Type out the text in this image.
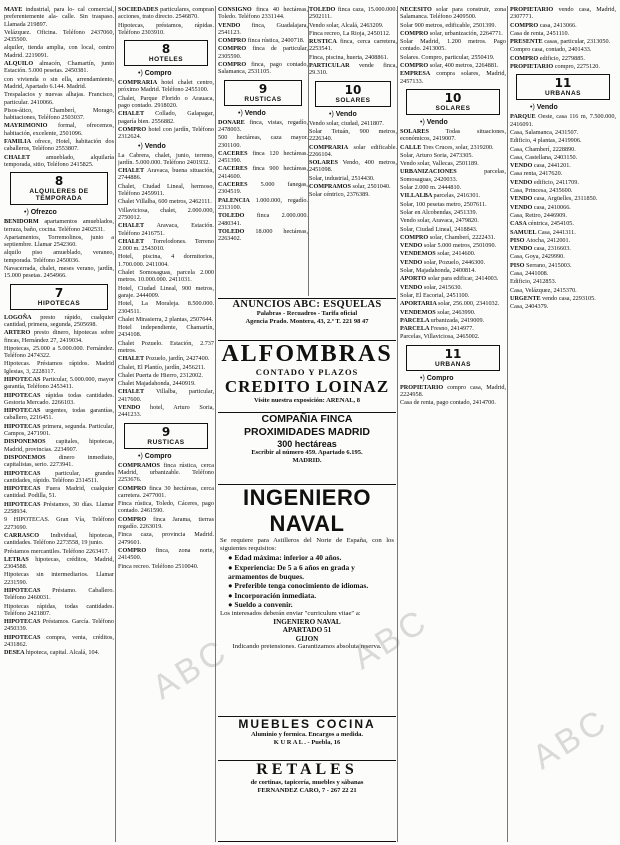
MAYE industrial, para lo- cal comercial, preferentemente ala- calle. Sin traspaso. Llamada 219897.

Velázquez. Oficina. Teléfono 2437060, 2435500.

alquiler, tienda amplia, con local, centro Madrid. 2219091.

ALQUILO almacén, Chamartín, junto Estación. 5.000 pesetas. 2450381.

con vivienda o sin ella, arrendamiento, Madrid, Apartado 6.144. Madrid.

Trespalacios y nuevas alhajas. Francisco, particular. 2410066.

Pisos-ático, Chamberí, Morago, habitaciones, Teléfono 2503037.

MAYRIMONIO formal, ofrecemos, habitación, excelente, 2501096.

FAMILIA ofrece, Hotel, habitación dos caballeros, Teléfono 2553807.

CHALET amueblado, alquilaría temporada, sitio, Teléfono 2415825.

8
ALQUILERES DE TEMPORADA
•) Ofrezco

BENIDORM apartamentos amueblados, terraza, baño, cocina. Teléfono 2402531.

Apartamentos, Torremolinos, junio a septiembre. Llamar 2542360.

alquilo piso amueblado, veraneo, temporada. Teléfono 2450036.

Navacerrada, chalet, meses verano, jardín, 15.000 pesetas. 2454966.

7
HIPOTECAS

LOGOÑA presto rápido, cualquier cantidad, primera, segunda, 2505698.

ARTERO presto dinero, hipotecas sobre fincas, Hernández 27, 2419034.

Hipotecas, 25.000 a 5.000.000. Fernández. Teléfono 2474322.

Hipotecas. Préstamos rápidos. Madrid Iglesias, 3, 2228117.

HIPOTECAS Particular, 5.000.000, mayor garantía, Teléfono 2453411.

HIPOTECAS rápidas todas cantidades. Gestoria Mercado. 2266103.

HIPOTECAS urgentes, todas garantías, caballero, 2216451.

HIPOTECAS primera, segunda. Particular, Campos, 2471901.

DISPONEMOS capitales, hipotecas, Madrid, provincias. 2234907.

DISPONEMOS dinero inmediato, capitalistas, serio. 2273941.

HIPOTECAS particular, grandes cantidades, rápido. Teléfono 2314511.

HIPOTECAS Fuera Madrid, cualquier cantidad. Podilla, 51.

HIPOTECAS Préstamos, 30 días. Llamar 2258934.

9 HIPOTECAS. Gran Vía, Teléfono 2273690.

CARRASCO Individual, hipotecas, cantidades. Teléfono 2273558, 19 junio.

Préstamos mercantiles. Teléfono 2263417.

LETRAS hipotecas, créditos, Madrid, 2304588.

Hipotecas sin intermediarios. Llamar 2231590.

HIPOTECAS Préstamo. Caballero. Teléfono 2460031.

Hipotecas rápidas, todas cantidades. Teléfono 2421807.

HIPOTECAS Préstamos. García. Teléfono 2450339.

HIPOTECAS compra, venta, créditos, 2431862.

DESEA hipoteca, capital. Alcalá, 104.

SOCIEDADES particulares, compran acciones, trato directo. 2546870.

Hipotecas, préstamos, rápidas. Teléfono 2303910.

8
HOTELES
•) Compro

COMPRARIA hotel chalet centro, próximo Madrid. Teléfono 2455100.

Chalet, Parque Florido o Arauaca, pago contado. 2918020.

CHALET Collado, Galapagar, pagaría bien. 2556882.

COMPRO hotel con jardín, Teléfono 2312624.

•) Vendo

La Cabrera, chalet, junio, terreno, jardín. 5.000.000. Teléfono 2401932.

CHALET Aravaca, buena situación, 2744886.

Chalet, Ciudad Lineal, hermoso, Teléfono 2459911.

Chalet Villalba, 600 metros, 2462111.

Villaviciosa, chalet, 2.000.000, 2750012.

CHALET Aravaca, Estación. Teléfono 2416751.

CHALET Torrelodones. Terreno 2.000 m. 2543010.

Hotel, piscina, 4 dormitorios, 1.700.000. 2411004.

Chalet Somosaguas, parcela 2.000 metros. 10.000.000. 2411031.

Hotel, Ciudad Lineal, 900 metros, garaje. 2444009.

Hotel, La Moraleja. 8.500.000. 2304511.

Chalet Mirasierra, 2 plantas, 2507644.

Hotel independiente, Chamartín, 2434108.

Chalet Pozuelo. Estación, 2.737 metros.

CHALET Pozuelo, jardín, 2427400.

Chalet, El Plantío, jardín, 2456211.

Chalet Puerta de Hierro, 2312002.

Chalet Majadahonda, 2440919.

CHALET Villalba, particular, 2417600.

VENDO hotel, Arturo Soria, 2441233.

9
RUSTICAS
•) Compro

COMPRAMOS finca rústica, cerca Madrid, urbanizable. Teléfono 2253676.

COMPRO finca 30 hectáreas, cerca carretera. 2477001.

Finca rústica, Toledo, Cáceres, pago contado. 2461590.

COMPRO finca Jarama, tierras regadío. 2263019.

Finca caza, provincia Madrid. 2479601.

COMPRO finca, zona norte, 2414500.

Finca recreo. Teléfono 2510040.

CONSIGNO finca 40 hectáreas, Toledo. Teléfono 2331144.

VENDO finca, Guadalajara, 2541123.

COMPRO finca rústica, 2400718.

COMPRO finca de particular, 2305590.

COMPRO finca, pago contado, Salamanca, 2531105.

9
RUSTICAS
•) Vendo

DONARE finca, vistas, regadío, 2478003.

500 hectáreas, caza mayor. 2301100.

CACERES finca 120 hectáreas. 2451390.

CACERES finca 900 hectáreas, 2414600.

CACERES 5.000 fanegas, 2304519.

PALENCIA 1.000.000, regadío. 2313100.

TOLEDO finca 2.000.000. 2480341.

TOLEDO 18.000 hectáreas, 2263402.

TOLEDO finca caza, 15.000.000. 2502111.

Vendo solar, Alcalá, 2463209.

Finca recreo, La Rioja, 2450112.

RUSTICA finca, cerca carretera, 2253541.

Finca, piscina, huerta, 2408861.

PARTICULAR vende finca, 29.310.

10
SOLARES
•) Vendo

Vendo solar, ciudad, 2411807.

Solar Tetuán, 900 metros, 2226340.

COMPRARIA solar edificable. 2266104.

SOLARES Vendo, 400 metros, 2451098.

Solar, industrial, 2514430.

COMPRAMOS solar, 2501040.

Solar céntrico, 2376389.

ANUNCIOS ABC: ESQUELAS
Palabras - Recuadros - Tarifa oficial
Agencia Prado. Montera, 43, 2.º T. 221 98 47
ALFOMBRAS
CONTADO Y PLAZOS
CREDITO LOINAZ
Visite nuestra exposición: ARENAL, 8
COMPAÑIA FINCA
PROXIMIDADES MADRID
300 hectáreas
Escribir al número 459. Apartado 6.195.
MADRID.
INGENIERO NAVAL
Se requiere para Astilleros del Norte de España, con los siguientes requisitos:
● Edad máxima: inferior a 40 años.
● Experiencia: De 5 a 6 años en grada y armamentos de buques.
● Preferible tenga conocimiento de idiomas.
● Incorporación inmediata.
● Sueldo a convenir.
Los interesados deberán enviar "curriculum vitae" a:
INGENIERO NAVAL
APARTADO 51
GIJON
Indicando pretensiones. Garantizamos absoluta reserva.
MUEBLES COCINA
Aluminio y formica. Encargos a medida.
K U R A L . - Puebla, 16
RETALES
de cortinas, tapicería, muebles y sábanas
FERNANDEZ CARO, 7 - 267 22 21

NECESITO solar para construir, zona Salamanca. Teléfono 2409500.

Solar 900 metros, edificable, 2501399.

COMPRO solar, urbanización, 2264771.

Solar Madrid, 1.200 metros. Pago contado. 2413005.

Solares. Compro, particular, 2550419.

COMPRO solar, 400 metros, 2264881.

EMPRESA compra solares, Madrid, 2457133.

10
SOLARES
•) Vendo

SOLARES Todas situaciones, económicos, 2419007.

CALLE Tres Cruces, solar, 2319200.

Solar, Arturo Soria, 2473305.

Vendo solar, Vallecas, 2501189.

URBANIZACIONES parcelas, Somosaguas, 2420033.

Solar 2.000 m. 2444810.

VILLALBA parcelas, 2416301.

Solar, 100 pesetas metro, 2507611.

Solar en Alcobendas, 2451339.

Vendo solar, Aravaca, 2479820.

Solar, Ciudad Lineal, 2418843.

COMPRO solar, Chamberí, 2222431.

VENDO solar 5.000 metros, 2501090.

VENDEMOS solar, 2414600.

VENDO solar, Pozuelo, 2446300.

Solar, Majadahonda, 2400814.

APORTO solar para edificar, 2414003.

VENDO solar, 2415630.

Solar, El Escorial, 2451100.

APORTARIA solar, 256.000, 2341032.

VENDEMOS solar, 2463990.

PARCELA urbanizada, 2419009.

PARCELA Fresno, 2414977.

Parcelas, Villaviciosa, 2465002.

11
URBANAS
•) Compro

PROPIETARIO compro casa, Madrid, 2224958.

Casa de renta, pago contado, 2414700.

PROPIETARIO vendo casa, Madrid, 2307771.

COMPRO casa, 2413066.

Casa de renta, 2451110.

PRESENTE casas, particular, 2313050.

Compro casa, contado, 2401433.

COMPRO edificio, 2279885.

PROPIETARIO compro, 2275120.

11
URBANAS
•) Vendo

PARQUE Oeste, casa 116 m, 7.500.000, 2416091.

Casa, Salamanca, 2431507.

Edificio, 4 plantas, 2419906.

Casa, Chamberí, 2228890.

Casa, Castellana, 2403150.

VENDO casa, 2441201.

Casa renta, 2417620.

VENDO edificio, 2411709.

Casa, Princesa, 2435600.

VENDO casa, Argüelles, 2311850.

VENDO casa, 2410066.

Casa, Retiro, 2446909.

CASA céntrica, 2454105.

SAMUEL Casa, 2441311.

PISO Atocha, 2412001.

VENDO casa, 2316603.

Casa, Goya, 2429990.

PISO Serrano, 2415003.

Casa, 2441008.

Edificio, 2412853.

Casa, Velázquez, 2415370.

URGENTE vendo casa, 2293105.

Casa, 2404379.

ABC	ABC
ABC
